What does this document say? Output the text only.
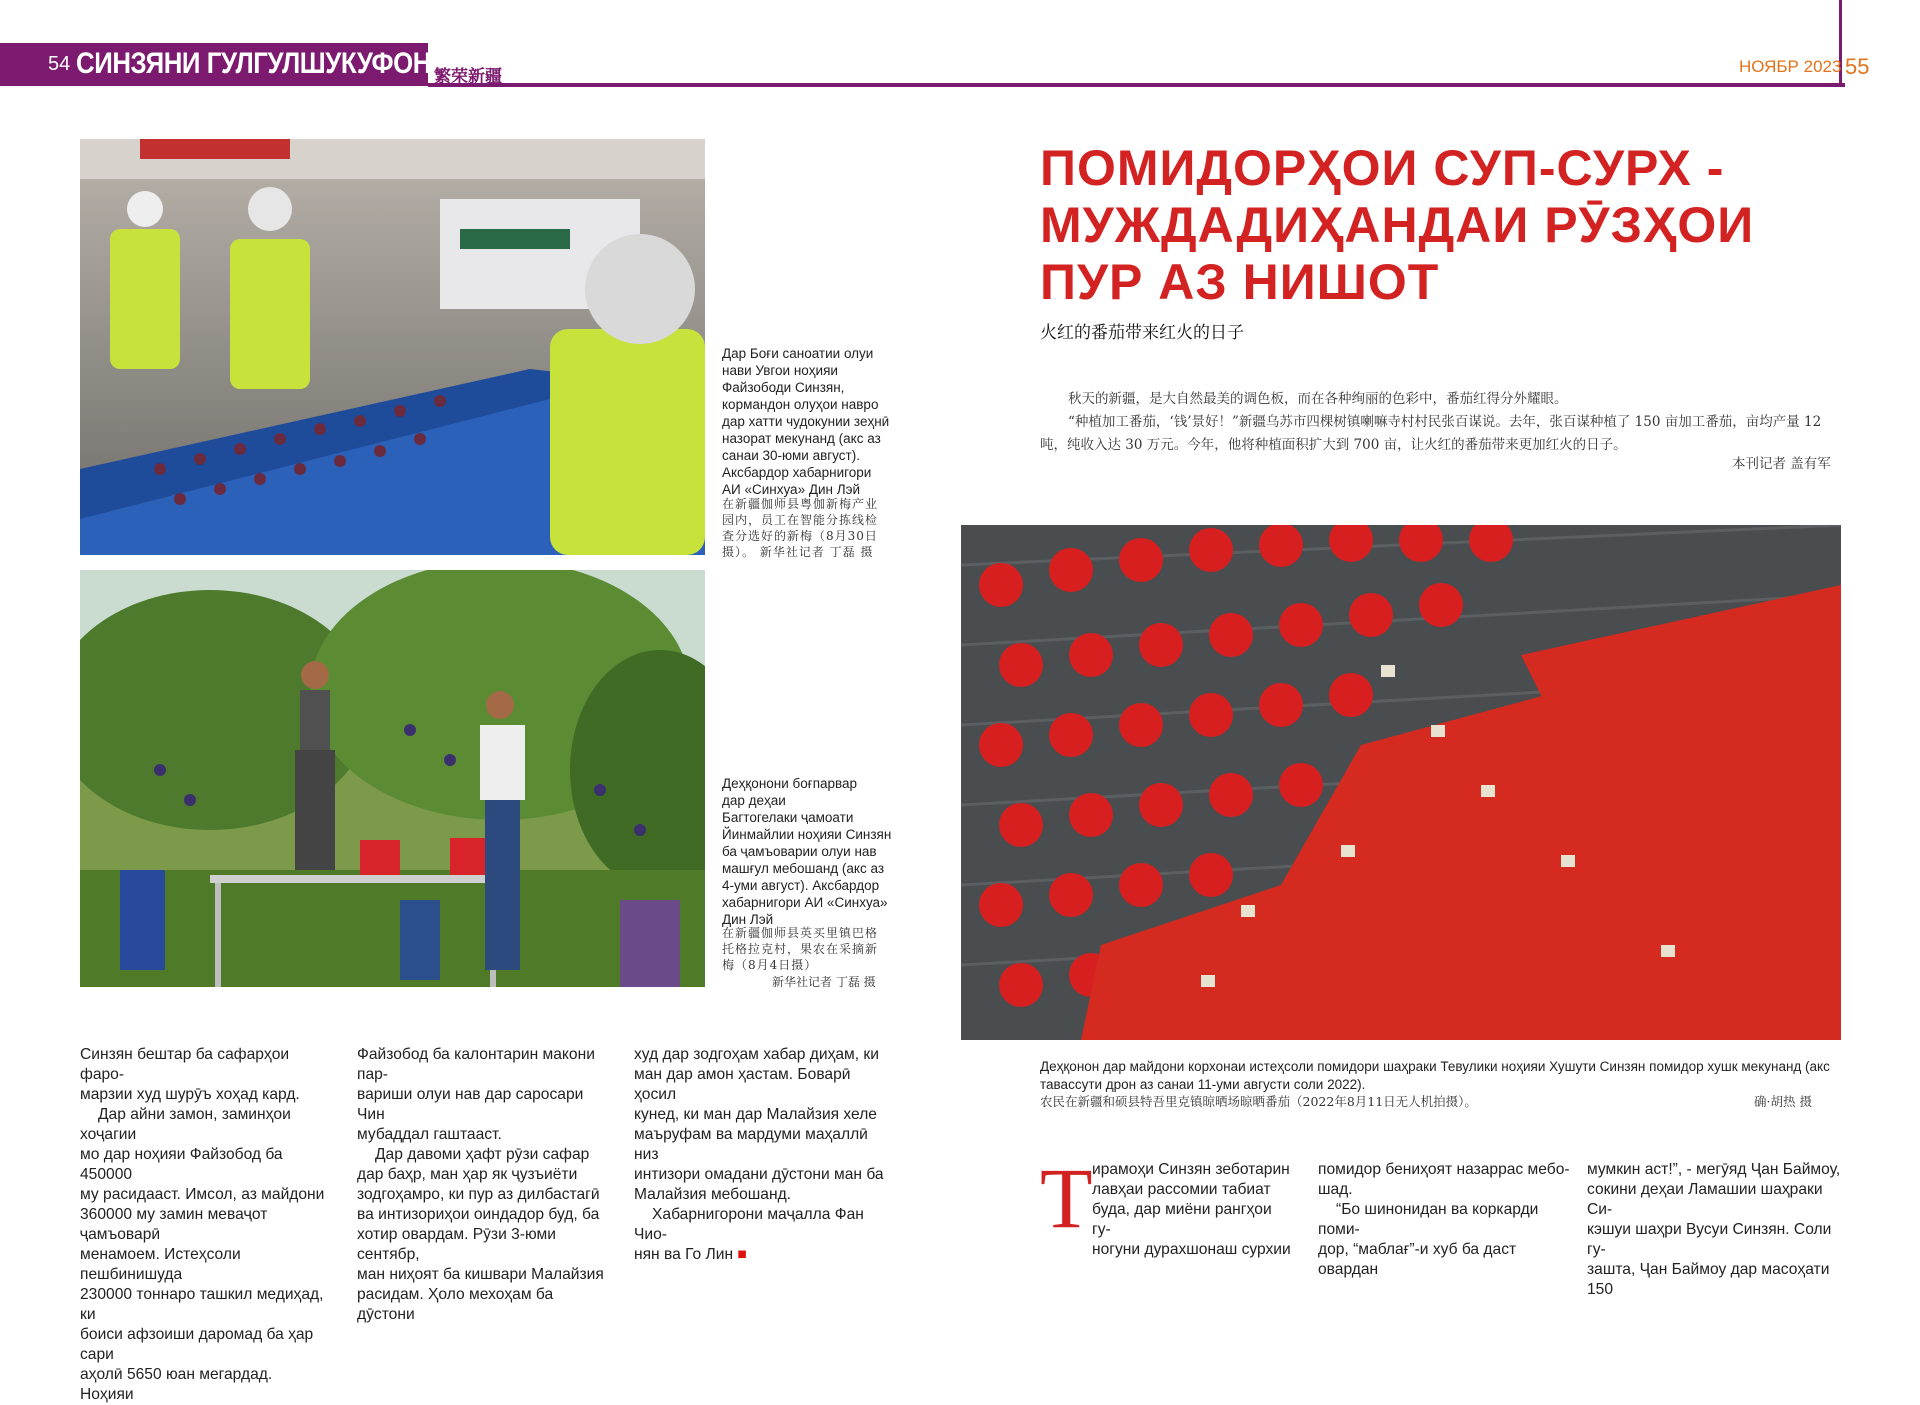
54 СИНЗЯНИ ГУЛГУЛШУКУФОН 繁荣新疆
НОЯБР 2023 55
Дар Боғи саноатии олуи
нави Увгои ноҳияи
Файзободи Синзян,
кормандон олуҳои навро
дар хатти чудокунии зеҳнӣ
назорат мекунанд (акс аз
санаи 30-юми август).
Аксбардор хабарнигори
АИ «Синхуа» Дин Лэй
在新疆伽师县粤伽新梅产业
园内，员工在智能分拣线检
查分选好的新梅（8月30日
摄）。 新华社记者 丁磊 摄
Деҳқонони боғпарвар
дар деҳаи
Багтогелаки ҷамоати
Йинмайлии ноҳияи Синзян
ба ҷамъоварии олуи нав
машғул мебошанд (акс аз
4-уми август). Аксбардор
хабарнигори АИ «Синхуа»
Дин Лэй
在新疆伽师县英买里镇巴格
托格拉克村，果农在采摘新
梅（8月4日摄）
新华社记者 丁磊 摄

Синзян бештар ба сафарҳои фаро-

марзии худ шурӯъ хоҳад кард.

Дар айни замон, заминҳои хоҷагии

мо дар ноҳияи Файзобод ба 450000

му расидааст. Имсол, аз майдони

360000 му замин меваҷот ҷамъоварӣ

менамоем. Истеҳсоли пешбинишуда

230000 тоннаро ташкил медиҳад, ки

боиси афзоиши даромад ба ҳар сари

аҳолӣ 5650 юан мегардад. Ноҳияи

Файзобод ба калонтарин макони пар-

вариши олуи нав дар саросари Чин

мубаддал гаштааст.

Дар давоми ҳафт рӯзи сафар

дар баҳр, ман ҳар як ҷузъиёти

зодгоҳамро, ки пур аз дилбастагӣ

ва интизориҳои оиндадор буд, ба

хотир овардам. Рӯзи 3-юми сентябр,

ман ниҳоят ба кишвари Малайзия

расидам. Ҳоло мехоҳам ба дӯстони

худ дар зодгоҳам хабар диҳам, ки

ман дар амон ҳастам. Боварӣ ҳосил

кунед, ки ман дар Малайзия хеле

маъруфам ва мардуми маҳаллӣ низ

интизори омадани дӯстони ман ба

Малайзия мебошанд.

Хабарнигорони маҷалла Фан Чио-

нян ва Го Лин ■

ПОМИДОРҲОИ СУП-СУРХ -
МУЖДАДИҲАНДАИ РӮЗҲОИ
ПУР АЗ НИШОТ
火红的番茄带来红火的日子

秋天的新疆，是大自然最美的调色板，而在各种绚丽的色彩中，番茄红得分外耀眼。

“种植加工番茄，‘钱’景好！”新疆乌苏市四棵树镇喇嘛寺村村民张百谋说。去年，张百谋种植了 150 亩加工番茄，亩均产量 12 吨，纯收入达 30 万元。今年，他将种植面积扩大到 700 亩，让火红的番茄带来更加红火的日子。

本刊记者 盖有军
Деҳқонон дар майдони корхонаи истеҳсоли помидори шаҳраки Тевулики ноҳияи Хушути Синзян помидор хушк мекунанд (акс
тавассути дрон аз санаи 11-уми августи соли 2022).
农民在新疆和硕县特吾里克镇晾晒场晾晒番茄（2022年8月11日无人机拍摄）。	确·胡热 摄
Т ирамоҳи Синзян зеботарин

лавҳаи рассомии табиат

буда, дар миёни рангҳои гу-

ногуни дурахшонаш сурхии

помидор бениҳоят назаррас мебо-

шад.

“Бо шинонидан ва коркарди поми-

дор, “маблағ”-и хуб ба даст овардан

мумкин аст!”, - мегӯяд Ҷан Баймоу,

сокини деҳаи Ламашии шаҳраки Си-

кэшуи шаҳри Вусуи Синзян. Соли гу-

зашта, Ҷан Баймоу дар масоҳати 150
